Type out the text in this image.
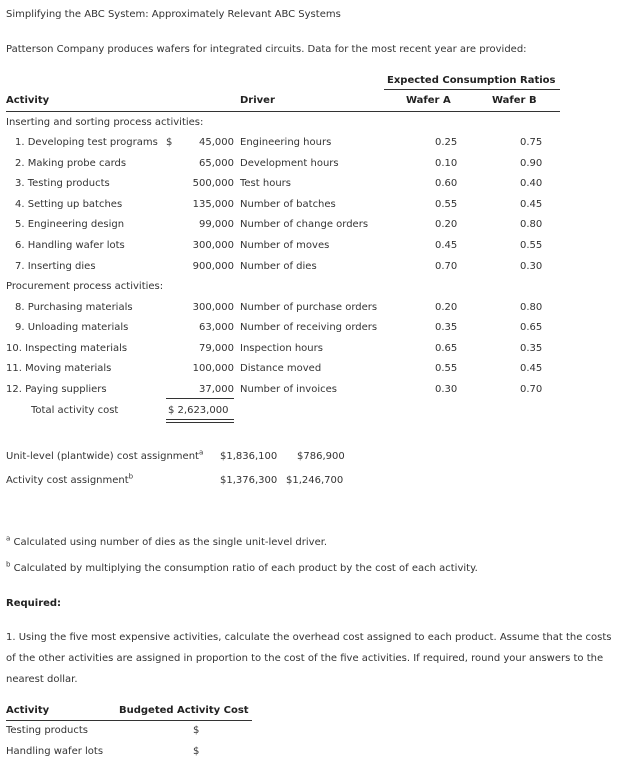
Simplifying the ABC System: Approximately Relevant ABC Systems
Patterson Company produces wafers for integrated circuits. Data for the most recent year are provided:
Expected Consumption Ratios
Activity	Driver	Wafer A	Wafer B
Inserting and sorting process activities:
Procurement process activities:
1. Developing test programs $	45,000 Engineering hours	0.25	0.75
2. Making probe cards	65,000 Development hours	0.10	0.90
3. Testing products	500,000 Test hours	0.60	0.40
4. Setting up batches	135,000 Number of batches	0.55	0.45
5. Engineering design	99,000 Number of change orders	0.20	0.80
6. Handling wafer lots	300,000 Number of moves	0.45	0.55
7. Inserting dies	900,000 Number of dies	0.70	0.30
8. Purchasing materials	300,000 Number of purchase orders	0.20	0.80
9. Unloading materials	63,000 Number of receiving orders	0.35	0.65
10. Inspecting materials	79,000 Inspection hours	0.65	0.35
11. Moving materials	100,000 Distance moved	0.55	0.45
12. Paying suppliers	37,000 Number of invoices	0.30	0.70
Total activity cost	$ 2,623,000
Unit-level (plantwide) cost assignment$^a$ $1,836,100 $786,900
Activity cost assignment$^b$	$1,376,300 $1,246,700
$^a$ Calculated using number of dies as the single unit-level driver.
$^b$ Calculated by multiplying the consumption ratio of each product by the cost of each activity.
Required:
1. Using the five most expensive activities, calculate the overhead cost assigned to each product. Assume that the costs of the other activities are assigned in proportion to the cost of the five activities. If required, round your answers to the nearest dollar.
Activity	Budgeted Activity Cost
Testing products	$
Handling wafer lots	$
